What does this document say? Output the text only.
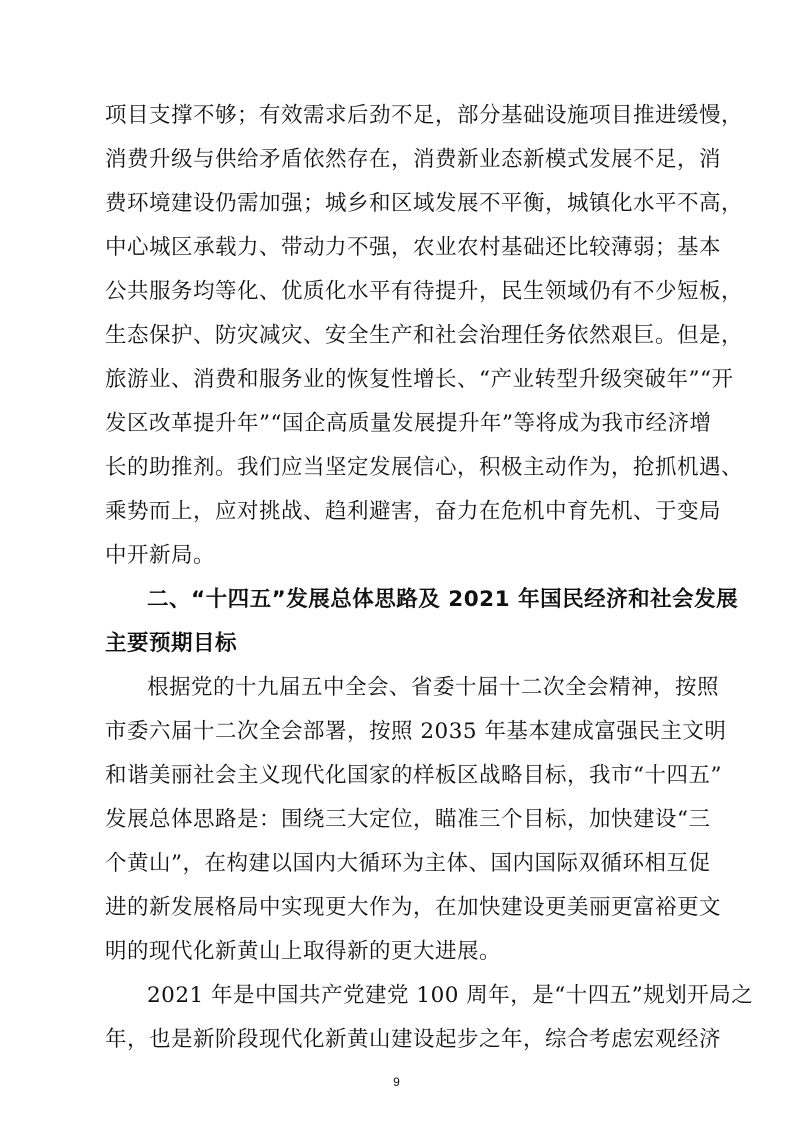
项目支撑不够；有效需求后劲不足，部分基础设施项目推进缓慢，
消费升级与供给矛盾依然存在，消费新业态新模式发展不足，消
费环境建设仍需加强；城乡和区域发展不平衡，城镇化水平不高，
中心城区承载力、带动力不强，农业农村基础还比较薄弱；基本
公共服务均等化、优质化水平有待提升，民生领域仍有不少短板，
生态保护、防灾减灾、安全生产和社会治理任务依然艰巨。但是，
旅游业、消费和服务业的恢复性增长、“产业转型升级突破年”“开
发区改革提升年”“国企高质量发展提升年”等将成为我市经济增
长的助推剂。我们应当坚定发展信心，积极主动作为，抢抓机遇、
乘势而上，应对挑战、趋利避害，奋力在危机中育先机、于变局
中开新局。
二、“十四五”发展总体思路及 2021 年国民经济和社会发展
主要预期目标
根据党的十九届五中全会、省委十届十二次全会精神，按照
市委六届十二次全会部署，按照 2035 年基本建成富强民主文明
和谐美丽社会主义现代化国家的样板区战略目标，我市“十四五”
发展总体思路是：围绕三大定位，瞄准三个目标，加快建设“三
个黄山”，在构建以国内大循环为主体、国内国际双循环相互促
进的新发展格局中实现更大作为，在加快建设更美丽更富裕更文
明的现代化新黄山上取得新的更大进展。
2021 年是中国共产党建党 100 周年，是“十四五”规划开局之
年，也是新阶段现代化新黄山建设起步之年，综合考虑宏观经济
9
